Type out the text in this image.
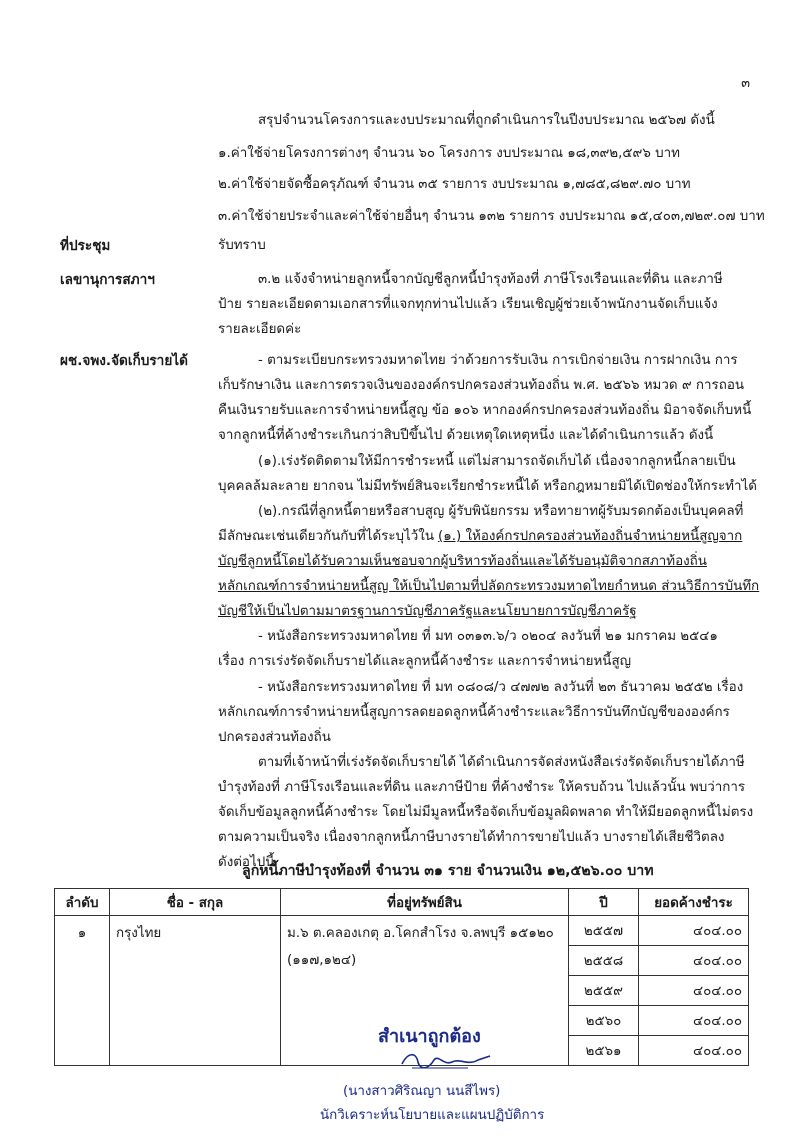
๓
สรุปจำนวนโครงการและงบประมาณที่ถูกดำเนินการในปีงบประมาณ ๒๕๖๗ ดังนี้
๑.ค่าใช้จ่ายโครงการต่างๆ จำนวน ๖๐ โครงการ งบประมาณ ๑๘,๓๙๒,๕๙๖ บาท
๒.ค่าใช้จ่ายจัดซื้อครุภัณฑ์ จำนวน ๓๕ รายการ งบประมาณ ๑,๗๘๕,๘๒๙.๗๐ บาท
๓.ค่าใช้จ่ายประจำและค่าใช้จ่ายอื่นๆ จำนวน ๑๓๒ รายการ งบประมาณ ๑๕,๔๐๓,๗๒๙.๐๗ บาท
ที่ประชุม	รับทราบ
เลขานุการสภาฯ	๓.๒ แจ้งจำหน่ายลูกหนี้จากบัญชีลูกหนี้บำรุงท้องที่ ภาษีโรงเรือนและที่ดิน และภาษี
ป้าย รายละเอียดตามเอกสารที่แจกทุกท่านไปแล้ว เรียนเชิญผู้ช่วยเจ้าพนักงานจัดเก็บแจ้ง
รายละเอียดค่ะ
ผช.จพง.จัดเก็บรายได้	- ตามระเบียบกระทรวงมหาดไทย ว่าด้วยการรับเงิน การเบิกจ่ายเงิน การฝากเงิน การ
เก็บรักษาเงิน และการตรวจเงินขององค์กรปกครองส่วนท้องถิ่น พ.ศ. ๒๕๖๖ หมวด ๙ การถอน
คืนเงินรายรับและการจำหน่ายหนี้สูญ ข้อ ๑๐๖ หากองค์กรปกครองส่วนท้องถิ่น มิอาจจัดเก็บหนี้
จากลูกหนี้ที่ค้างชำระเกินกว่าสิบปีขึ้นไป ด้วยเหตุใดเหตุหนึ่ง และได้ดำเนินการแล้ว ดังนี้
(๑).เร่งรัดติดตามให้มีการชำระหนี้ แต่ไม่สามารถจัดเก็บได้ เนื่องจากลูกหนี้กลายเป็น
บุคคลล้มละลาย ยากจน ไม่มีทรัพย์สินจะเรียกชำระหนี้ได้ หรือกฎหมายมิได้เปิดช่องให้กระทำได้
(๒).กรณีที่ลูกหนี้ตายหรือสาบสูญ ผู้รับพินัยกรรม หรือทายาทผู้รับมรดกต้องเป็นบุคคลที่
มีลักษณะเช่นเดียวกันกับที่ได้ระบุไว้ใน (๑.) ให้องค์กรปกครองส่วนท้องถิ่นจำหน่ายหนี้สูญจาก
บัญชีลูกหนี้โดยได้รับความเห็นชอบจากผู้บริหารท้องถิ่นและได้รับอนุมัติจากสภาท้องถิ่น
หลักเกณฑ์การจำหน่ายหนี้สูญ ให้เป็นไปตามที่ปลัดกระทรวงมหาดไทยกำหนด ส่วนวิธีการบันทึก
บัญชีให้เป็นไปตามมาตรฐานการบัญชีภาครัฐและนโยบายการบัญชีภาครัฐ
- หนังสือกระทรวงมหาดไทย ที่ มท ๐๓๑๓.๖/ว ๐๒๐๔ ลงวันที่ ๒๑ มกราคม ๒๕๔๑
เรื่อง การเร่งรัดจัดเก็บรายได้และลูกหนี้ค้างชำระ และการจำหน่ายหนี้สูญ
- หนังสือกระทรวงมหาดไทย ที่ มท ๐๘๐๘/ว ๔๗๗๒ ลงวันที่ ๒๓ ธันวาคม ๒๕๕๒ เรื่อง
หลักเกณฑ์การจำหน่ายหนี้สูญการลดยอดลูกหนี้ค้างชำระและวิธีการบันทึกบัญชีขององค์กร
ปกครองส่วนท้องถิ่น
ตามที่เจ้าหน้าที่เร่งรัดจัดเก็บรายได้ ได้ดำเนินการจัดส่งหนังสือเร่งรัดจัดเก็บรายได้ภาษี
บำรุงท้องที่ ภาษีโรงเรือนและที่ดิน และภาษีป้าย ที่ค้างชำระ ให้ครบถ้วน ไปแล้วนั้น พบว่าการ
จัดเก็บข้อมูลลูกหนี้ค้างชำระ โดยไม่มีมูลหนี้หรือจัดเก็บข้อมูลผิดพลาด ทำให้มียอดลูกหนี้ไม่ตรง
ตามความเป็นจริง เนื่องจากลูกหนี้ภาษีบางรายได้ทำการขายไปแล้ว บางรายได้เสียชีวิตลง
ดังต่อไปนี้
ลูกหนี้ภาษีบำรุงท้องที่ จำนวน ๓๑ ราย จำนวนเงิน ๑๒,๕๒๖.๐๐ บาท
ลำดับ	ชื่อ - สกุล	ที่อยู่ทรัพย์สิน	ปี	ยอดค้างชำระ
๑	กรุงไทย	ม.๖ ต.คลองเกตุ อ.โคกสำโรง จ.ลพบุรี ๑๕๑๒๐
(๑๑๗,๑๒๔)	๒๕๕๗	๔๐๔.๐๐
			๒๕๕๘	๔๐๔.๐๐
			๒๕๕๙	๔๐๔.๐๐
			๒๕๖๐	๔๐๔.๐๐
			๒๕๖๑	๔๐๔.๐๐
สำเนาถูกต้อง
(นางสาวศิริณญา นนสีไพร)
นักวิเคราะห์นโยบายและแผนปฏิบัติการ
